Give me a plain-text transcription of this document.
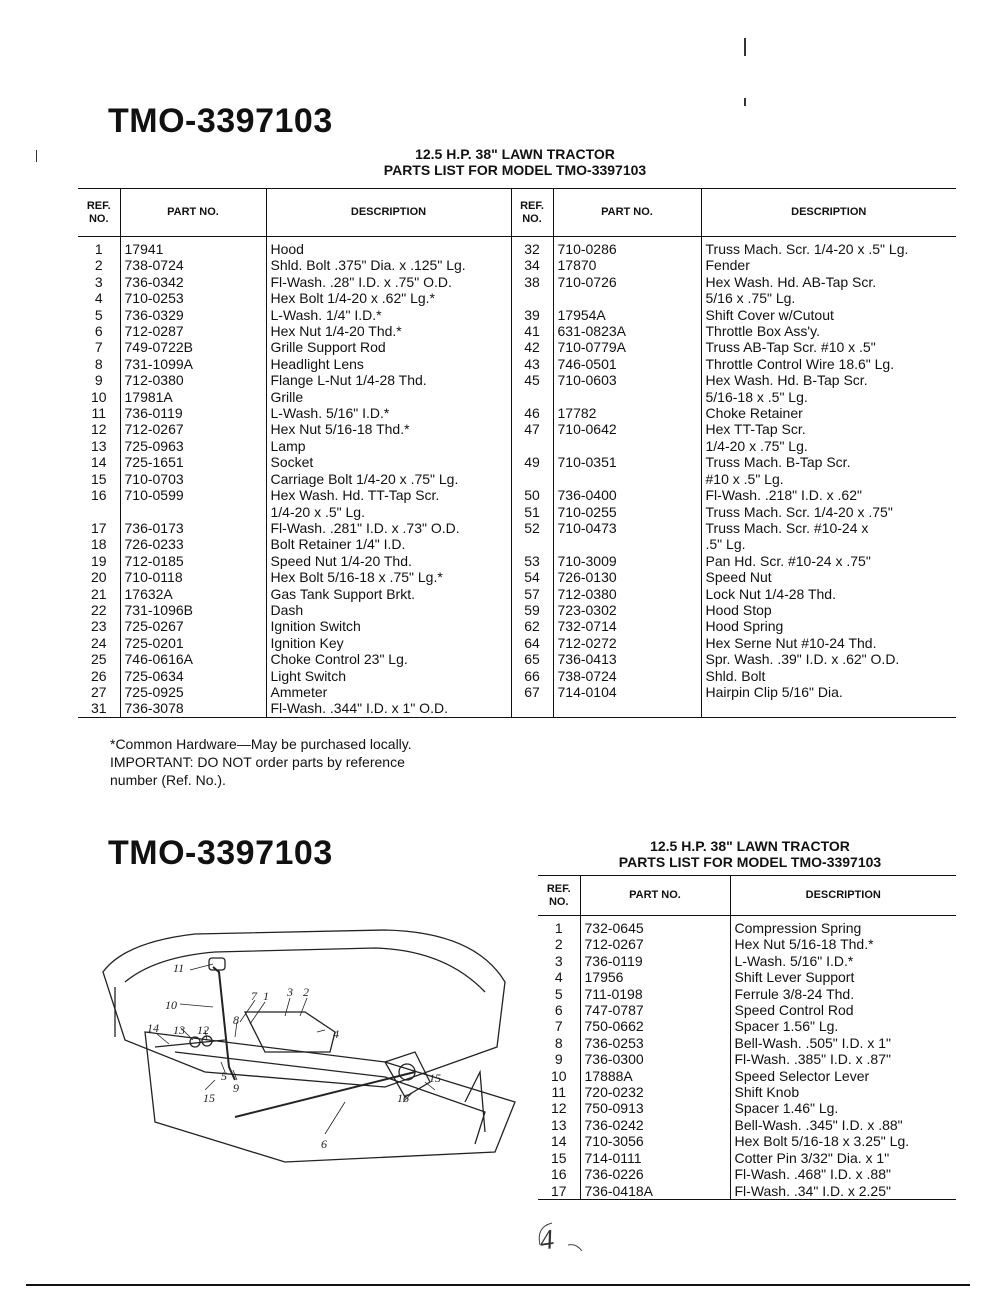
TMO-3397103
12.5 H.P. 38" LAWN TRACTOR
PARTS LIST FOR MODEL TMO-3397103
REF. NO.	PART NO.	DESCRIPTION	REF. NO.	PART NO.	DESCRIPTION

1	17941	Hood	32	710-0286	Truss Mach. Scr. 1/4-20 x .5" Lg.
2	738-0724	Shld. Bolt .375" Dia. x .125" Lg.	34	17870	Fender
3	736-0342	Fl-Wash. .28" I.D. x .75" O.D.	38	710-0726	Hex Wash. Hd. AB-Tap Scr.
4	710-0253	Hex Bolt 1/4-20 x .62" Lg.*			5/16 x .75" Lg.
5	736-0329	L-Wash. 1/4" I.D.*	39	17954A	Shift Cover w/Cutout
6	712-0287	Hex Nut 1/4-20 Thd.*	41	631-0823A	Throttle Box Ass'y.
7	749-0722B	Grille Support Rod	42	710-0779A	Truss AB-Tap Scr. #10 x .5"
8	731-1099A	Headlight Lens	43	746-0501	Throttle Control Wire 18.6" Lg.
9	712-0380	Flange L-Nut 1/4-28 Thd.	45	710-0603	Hex Wash. Hd. B-Tap Scr.
10	17981A	Grille			5/16-18 x .5" Lg.
11	736-0119	L-Wash. 5/16" I.D.*	46	17782	Choke Retainer
12	712-0267	Hex Nut 5/16-18 Thd.*	47	710-0642	Hex TT-Tap Scr.
13	725-0963	Lamp			1/4-20 x .75" Lg.
14	725-1651	Socket	49	710-0351	Truss Mach. B-Tap Scr.
15	710-0703	Carriage Bolt 1/4-20 x .75" Lg.			#10 x .5" Lg.
16	710-0599	Hex Wash. Hd. TT-Tap Scr.	50	736-0400	Fl-Wash. .218" I.D. x .62"
		1/4-20 x .5" Lg.	51	710-0255	Truss Mach. Scr. 1/4-20 x .75"
17	736-0173	Fl-Wash. .281" I.D. x .73" O.D.	52	710-0473	Truss Mach. Scr. #10-24 x
18	726-0233	Bolt Retainer 1/4" I.D.			.5" Lg.
19	712-0185	Speed Nut 1/4-20 Thd.	53	710-3009	Pan Hd. Scr. #10-24 x .75"
20	710-0118	Hex Bolt 5/16-18 x .75" Lg.*	54	726-0130	Speed Nut
21	17632A	Gas Tank Support Brkt.	57	712-0380	Lock Nut 1/4-28 Thd.
22	731-1096B	Dash	59	723-0302	Hood Stop
23	725-0267	Ignition Switch	62	732-0714	Hood Spring
24	725-0201	Ignition Key	64	712-0272	Hex Serne Nut #10-24 Thd.
25	746-0616A	Choke Control 23" Lg.	65	736-0413	Spr. Wash. .39" I.D. x .62" O.D.
26	725-0634	Light Switch	66	738-0724	Shld. Bolt
27	725-0925	Ammeter	67	714-0104	Hairpin Clip 5/16" Dia.
31	736-3078	Fl-Wash. .344" I.D. x 1" O.D.			
*Common Hardware—May be purchased locally.
IMPORTANT: DO NOT order parts by reference
number (Ref. No.).
TMO-3397103	12.5 H.P. 38" LAWN TRACTOR
PARTS LIST FOR MODEL TMO-3397103
REF. NO.	PART NO.	DESCRIPTION

1	732-0645	Compression Spring
2	712-0267	Hex Nut 5/16-18 Thd.*
3	736-0119	L-Wash. 5/16" I.D.*
4	17956	Shift Lever Support
5	711-0198	Ferrule 3/8-24 Thd.
6	747-0787	Speed Control Rod
7	750-0662	Spacer 1.56" Lg.
8	736-0253	Bell-Wash. .505" I.D. x 1"
9	736-0300	Fl-Wash. .385" I.D. x .87"
10	17888A	Speed Selector Lever
11	720-0232	Shift Knob
12	750-0913	Spacer 1.46" Lg.
13	736-0242	Bell-Wash. .345" I.D. x .88"
14	710-3056	Hex Bolt 5/16-18 x 3.25" Lg.
15	714-0111	Cotter Pin 3/32" Dia. x 1"
16	736-0226	Fl-Wash. .468" I.D. x .88"
17	736-0418A	Fl-Wash. .34" I.D. x 2.25"
11
10
13 12
14
7 1
8
3 2
4
5
9
15
6
16
15
4
